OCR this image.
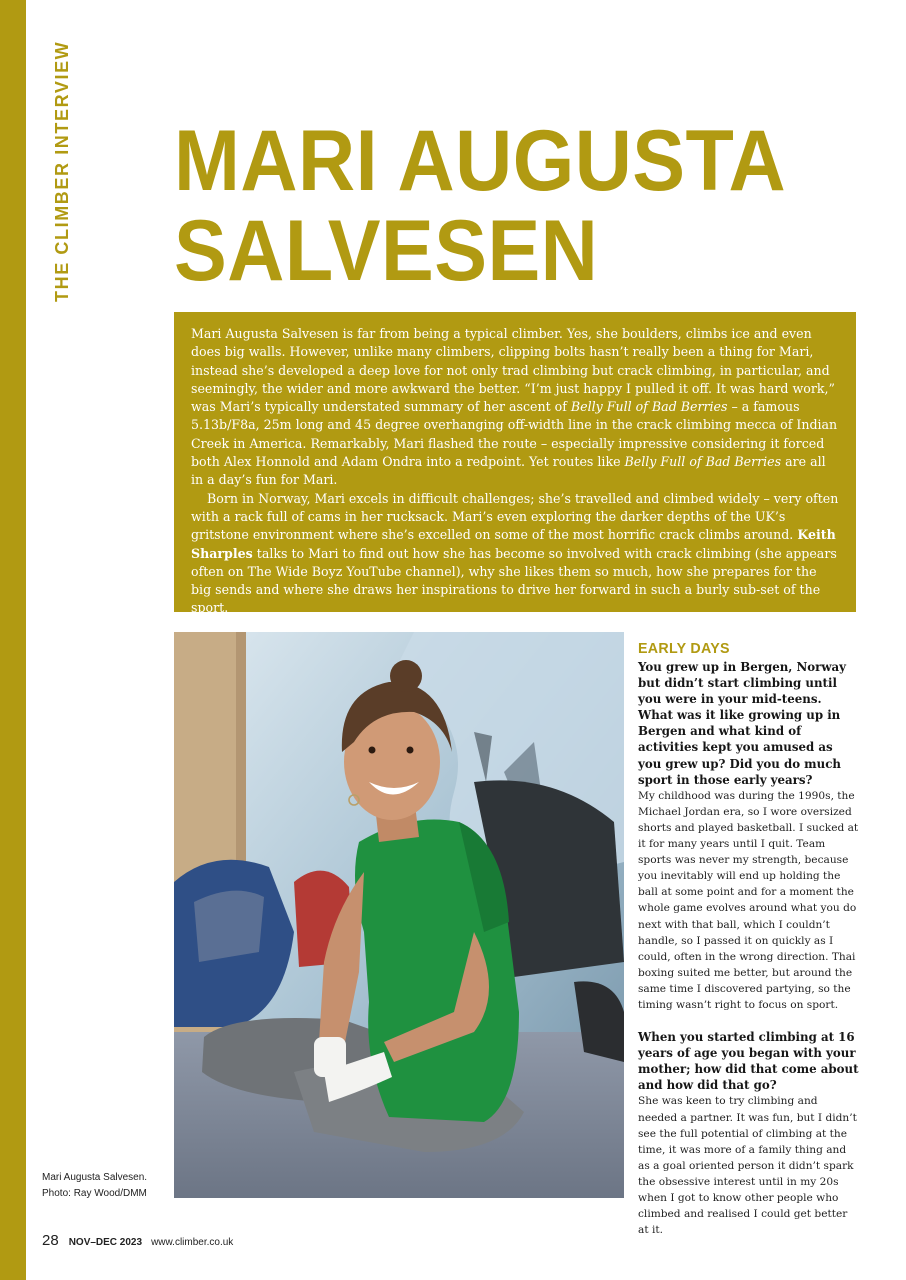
THE CLIMBER INTERVIEW MARI AUGUSTA
SALVESEN

Mari Augusta Salvesen is far from being a typical climber. Yes, she boulders, climbs ice and even does big walls. However, unlike many climbers, clipping bolts hasn’t really been a thing for Mari, instead she’s developed a deep love for not only trad climbing but crack climbing, in particular, and seemingly, the wider and more awkward the better. “I’m just happy I pulled it off. It was hard work,” was Mari’s typically understated summary of her ascent of Belly Full of Bad Berries – a famous 5.13b/F8a, 25m long and 45 degree overhanging off-width line in the crack climbing mecca of Indian Creek in America. Remarkably, Mari flashed the route – especially impressive considering it forced both Alex Honnold and Adam Ondra into a redpoint. Yet routes like Belly Full of Bad Berries are all in a day’s fun for Mari.

Born in Norway, Mari excels in difficult challenges; she’s travelled and climbed widely – very often with a rack full of cams in her rucksack. Mari’s even exploring the darker depths of the UK’s gritstone environment where she’s excelled on some of the most horrific crack climbs around. Keith Sharples talks to Mari to find out how she has become so involved with crack climbing (she appears often on The Wide Boyz YouTube channel), why she likes them so much, how she prepares for the big sends and where she draws her inspirations to drive her forward in such a burly sub-set of the sport.

Mari Augusta Salvesen.
Photo: Ray Wood/DMM
EARLY DAYS

You grew up in Bergen, Norway but didn’t start climbing until you were in your mid-teens. What was it like growing up in Bergen and what kind of activities kept you amused as you grew up? Did you do much sport in those early years?

My childhood was during the 1990s, the Michael Jordan era, so I wore oversized shorts and played basketball. I sucked at it for many years until I quit. Team sports was never my strength, because you inevitably will end up holding the ball at some point and for a moment the whole game evolves around what you do next with that ball, which I couldn’t handle, so I passed it on quickly as I could, often in the wrong direction. Thai boxing suited me better, but around the same time I discovered partying, so the timing wasn’t right to focus on sport.

When you started climbing at 16 years of age you began with your mother; how did that come about and how did that go?

She was keen to try climbing and needed a partner. It was fun, but I didn’t see the full potential of climbing at the time, it was more of a family thing and as a goal oriented person it didn’t spark the obsessive interest until in my 20s when I got to know other people who climbed and realised I could get better at it.

28 NOV–DEC 2023 www.climber.co.uk
